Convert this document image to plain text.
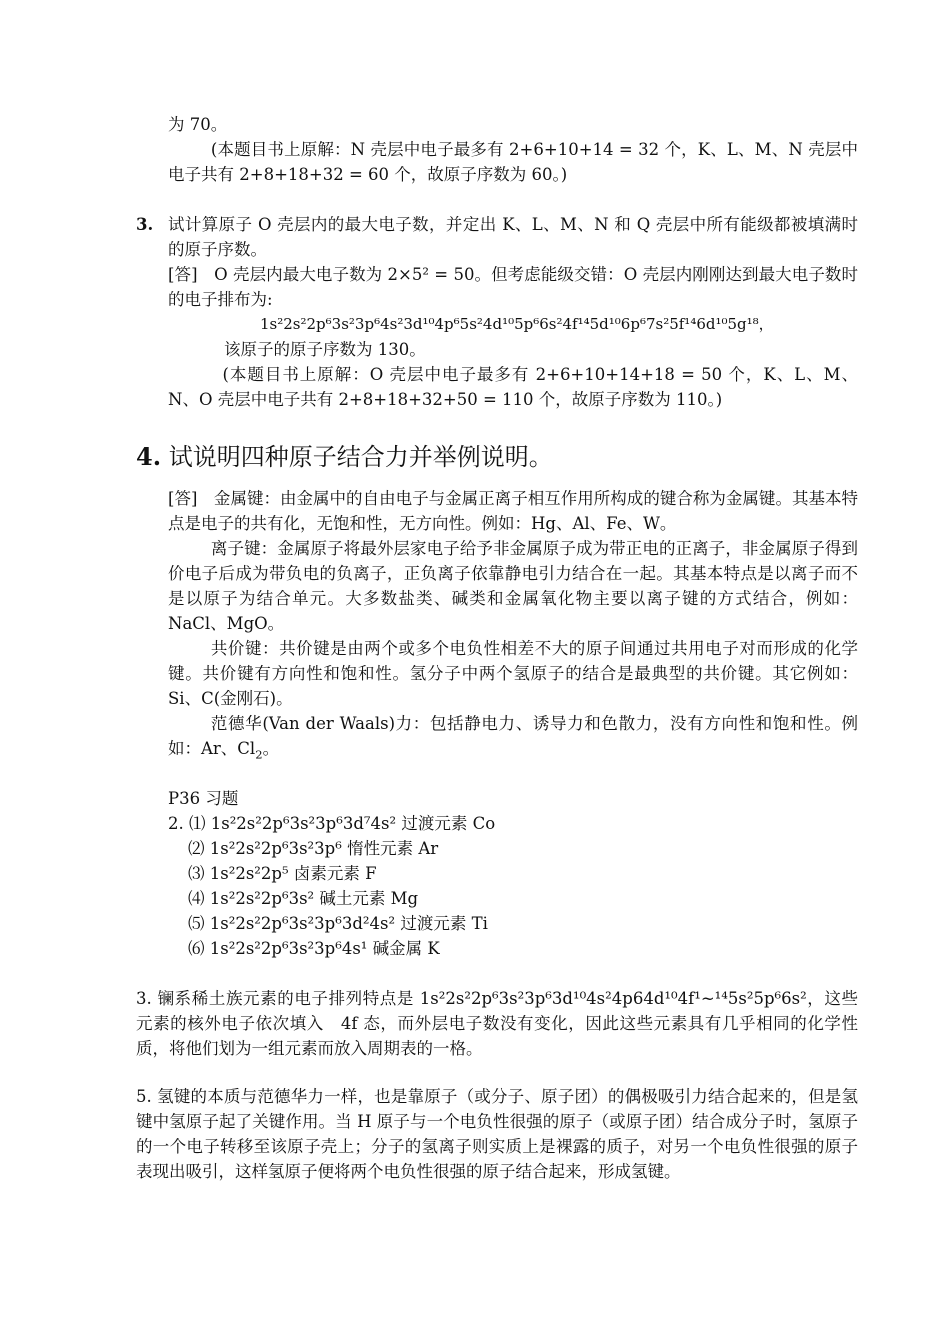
为 70。

(本题目书上原解：N 壳层中电子最多有 2+6+10+14 = 32 个，K、L、M、N 壳层中电子共有 2+8+18+32 = 60 个，故原子序数为 60。)

3. 试计算原子 O 壳层内的最大电子数，并定出 K、L、M、N 和 Q 壳层中所有能级都被填满时的原子序数。

[答]　O 壳层内最大电子数为 2×5² = 50。但考虑能级交错：O 壳层内刚刚达到最大电子数时的电子排布为:

1s²2s²2p⁶3s²3p⁶4s²3d¹⁰4p⁶5s²4d¹⁰5p⁶6s²4f¹⁴5d¹⁰6p⁶7s²5f¹⁴6d¹⁰5g¹⁸，

该原子的原子序数为 130。

(本题目书上原解：O 壳层中电子最多有 2+6+10+14+18 = 50 个，K、L、M、N、O 壳层中电子共有 2+8+18+32+50 = 110 个，故原子序数为 110。)

4. 试说明四种原子结合力并举例说明。

[答]　金属键：由金属中的自由电子与金属正离子相互作用所构成的键合称为金属键。其基本特点是电子的共有化，无饱和性，无方向性。例如：Hg、Al、Fe、W。

离子键：金属原子将最外层家电子给予非金属原子成为带正电的正离子，非金属原子得到价电子后成为带负电的负离子，正负离子依靠静电引力结合在一起。其基本特点是以离子而不是以原子为结合单元。大多数盐类、碱类和金属氧化物主要以离子键的方式结合，例如：NaCl、MgO。

共价键：共价键是由两个或多个电负性相差不大的原子间通过共用电子对而形成的化学键。共价键有方向性和饱和性。氢分子中两个氢原子的结合是最典型的共价键。其它例如：Si、C(金刚石)。

范德华(Van der Waals)力：包括静电力、诱导力和色散力，没有方向性和饱和性。例如：Ar、$Cl_2$。

P36 习题

2. ⑴ 1s²2s²2p⁶3s²3p⁶3d⁷4s² 过渡元素 Co

⑵ 1s²2s²2p⁶3s²3p⁶ 惰性元素 Ar

⑶ 1s²2s²2p⁵ 卤素元素 F

⑷ 1s²2s²2p⁶3s² 碱土元素 Mg

⑸ 1s²2s²2p⁶3s²3p⁶3d²4s² 过渡元素 Ti

⑹ 1s²2s²2p⁶3s²3p⁶4s¹ 碱金属 K

3. 镧系稀土族元素的电子排列特点是 1s²2s²2p⁶3s²3p⁶3d¹⁰4s²4p64d¹⁰4f¹~¹⁴5s²5p⁶6s²，这些元素的核外电子依次填入　4f 态，而外层电子数没有变化，因此这些元素具有几乎相同的化学性质，将他们划为一组元素而放入周期表的一格。

5. 氢键的本质与范德华力一样，也是靠原子（或分子、原子团）的偶极吸引力结合起来的，但是氢键中氢原子起了关键作用。当 H 原子与一个电负性很强的原子（或原子团）结合成分子时，氢原子的一个电子转移至该原子壳上；分子的氢离子则实质上是裸露的质子，对另一个电负性很强的原子表现出吸引，这样氢原子便将两个电负性很强的原子结合起来，形成氢键。
